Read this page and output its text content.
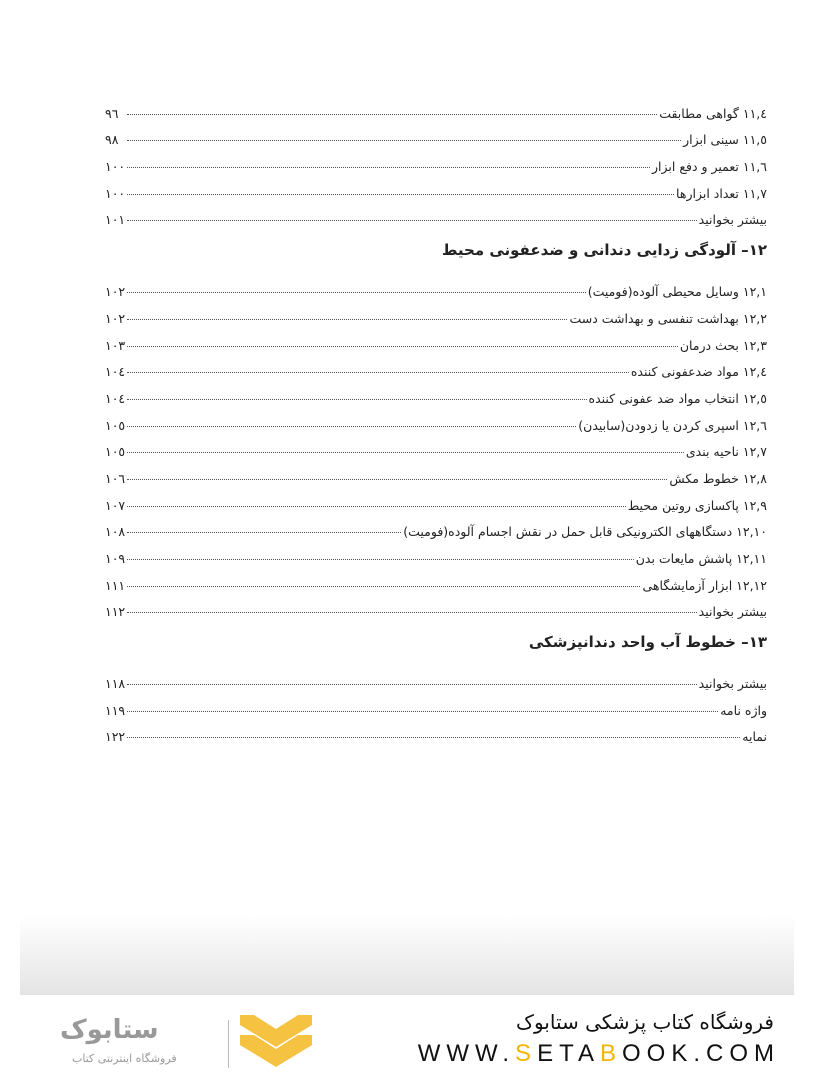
١١,٤ گواهی مطابقت
٩٦
١١,٥ سینی ابزار
٩٨
١١,٦ تعمیر و دفع ابزار
١٠٠
١١,٧ تعداد ابزارها
١٠٠
بیشتر بخوانید
١٠١
١٢– آلودگی زدایی دندانی و ضدعفونی محیط
١٢,١ وسایل محیطی آلوده(فومیت)
١٠٢
١٢,٢ بهداشت تنفسی و بهداشت دست
١٠٢
١٢,٣ بحث درمان
١٠٣
١٢,٤ مواد ضدعفونی کننده
١٠٤
١٢,٥ انتخاب مواد ضد عفونی کننده
١٠٤
١٢,٦ اسپری کردن یا زدودن(سابیدن)
١٠٥
١٢,٧ ناحیه بندی
١٠٥
١٢,٨ خطوط مکش
١٠٦
١٢,٩ پاکسازی روتین محیط
١٠٧
١٢,١٠ دستگاههای الکترونیکی قابل حمل در نقش اجسام آلوده(فومیت)
١٠٨
١٢,١١ پاشش مایعات بدن
١٠٩
١٢,١٢ ابزار آزمایشگاهی
١١١
بیشتر بخوانید
١١٢
١٣– خطوط آب واحد دندانپزشکی
بیشتر بخوانید
١١٨
واژه نامه
١١٩
نمایه
١٢٢
ستابوک
فروشگاه اینترنتی کتاب
فروشگاه کتاب پزشکی ستابوک
WWW.SETABOOK.COM
